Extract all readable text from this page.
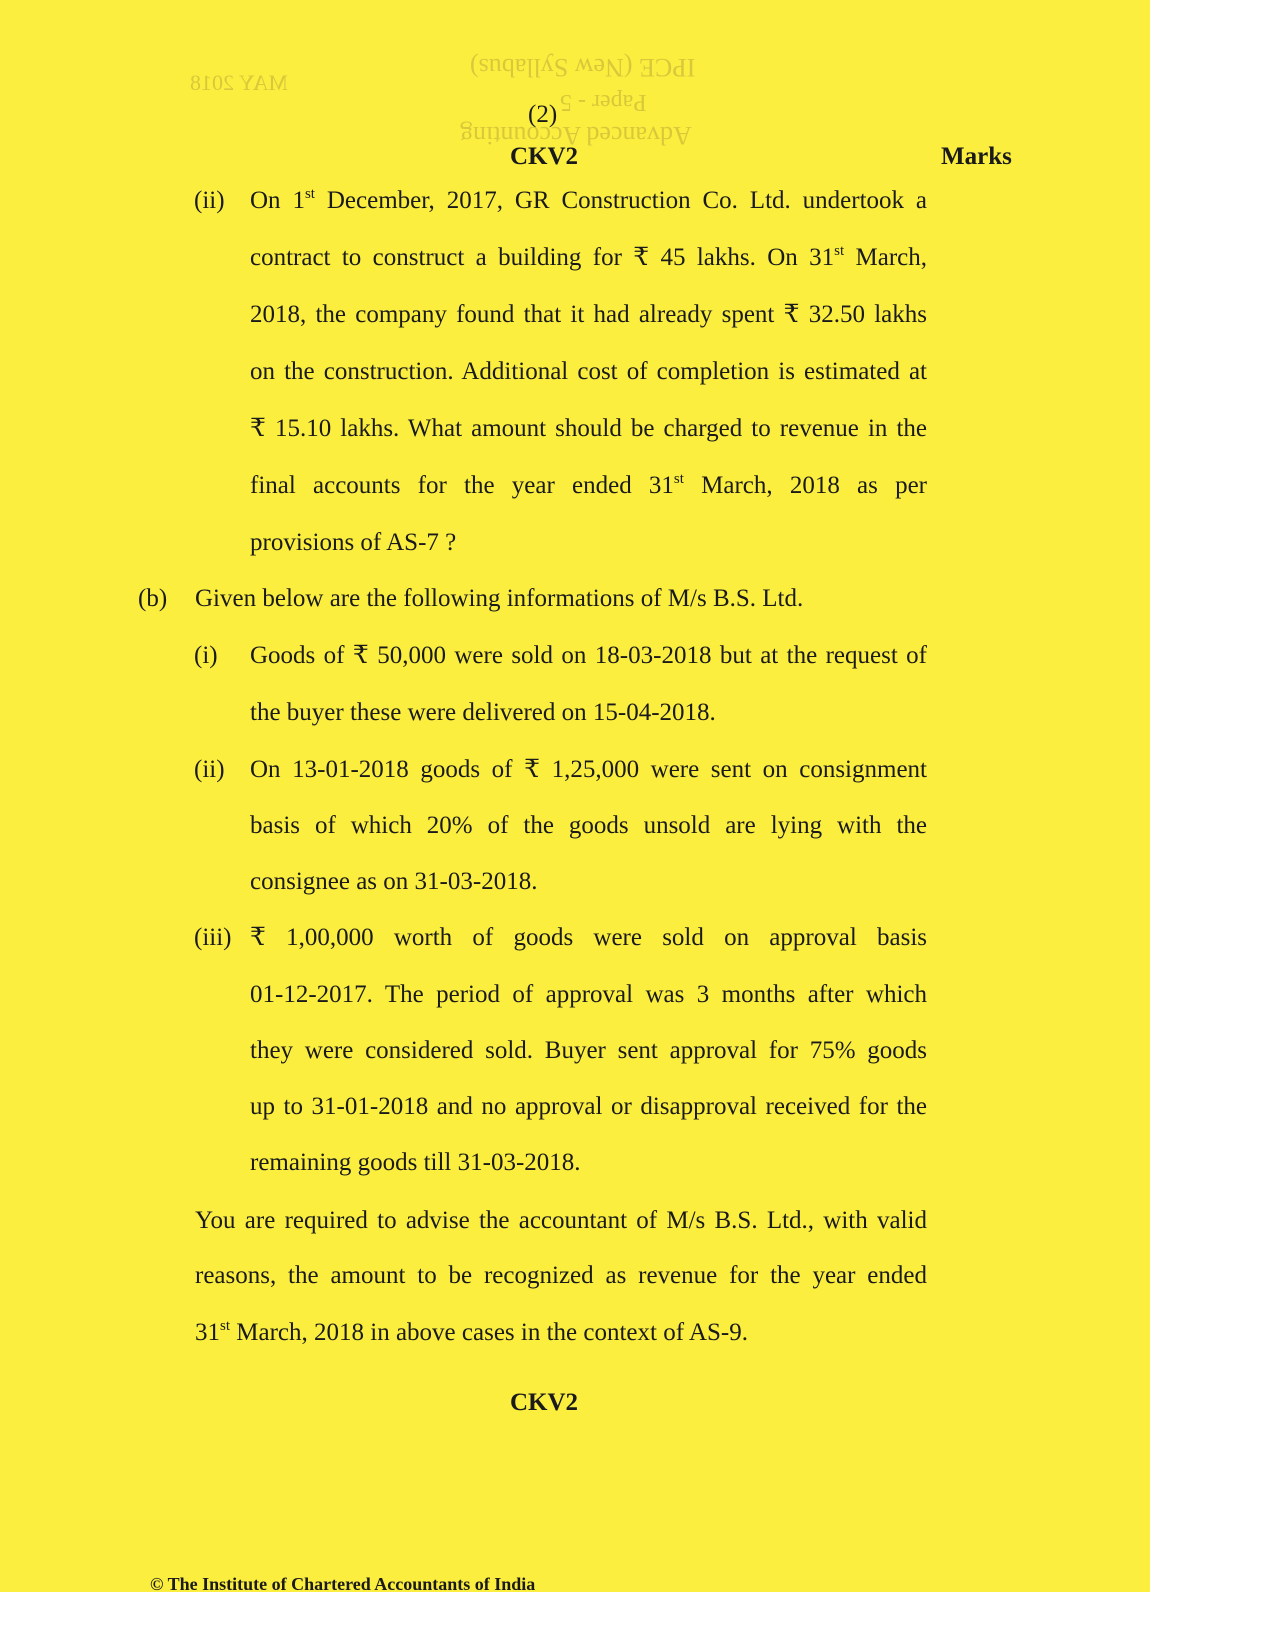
IPCE (New Syllabus)
Paper - 5
Advanced Accounting
MAY 2018
(2)
CKV2	Marks
(ii) On 1st December, 2017, GR Construction Co. Ltd. undertook a
contract to construct a building for ₹ 45 lakhs. On 31st March,
2018, the company found that it had already spent ₹ 32.50 lakhs
on the construction. Additional cost of completion is estimated at
₹ 15.10 lakhs. What amount should be charged to revenue in the
final accounts for the year ended 31st March, 2018 as per
provisions of AS-7 ?
(b) Given below are the following informations of M/s B.S. Ltd.
(i) Goods of ₹ 50,000 were sold on 18-03-2018 but at the request of
the buyer these were delivered on 15-04-2018.
(ii) On 13-01-2018 goods of ₹ 1,25,000 were sent on consignment
basis of which 20% of the goods unsold are lying with the
consignee as on 31-03-2018.
(iii) ₹ 1,00,000 worth of goods were sold on approval basis
01-12-2017. The period of approval was 3 months after which
they were considered sold. Buyer sent approval for 75% goods
up to 31-01-2018 and no approval or disapproval received for the
remaining goods till 31-03-2018.
You are required to advise the accountant of M/s B.S. Ltd., with valid
reasons, the amount to be recognized as revenue for the year ended
31st March, 2018 in above cases in the context of AS-9.
CKV2
© The Institute of Chartered Accountants of India
